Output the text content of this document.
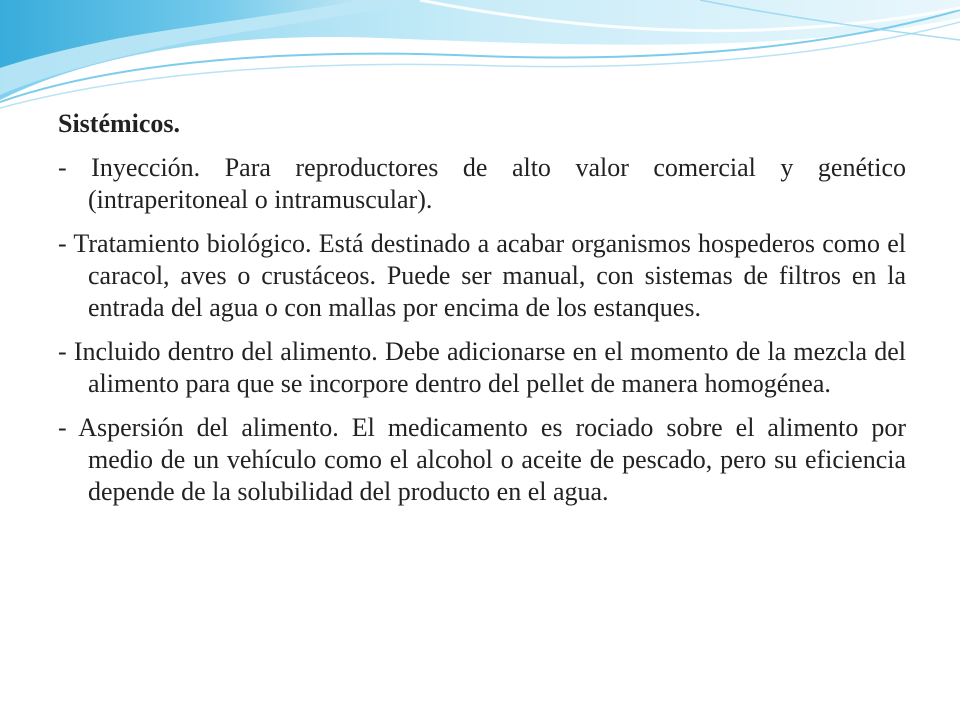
Sistémicos.

- Inyección. Para reproductores de alto valor comercial y genético (intraperitoneal o intramuscular).

- Tratamiento biológico. Está destinado a acabar organismos hospederos como el caracol, aves o crustáceos. Puede ser manual, con sistemas de filtros en la entrada del agua o con mallas por encima de los estanques.

- Incluido dentro del alimento. Debe adicionarse en el momento de la mezcla del alimento para que se incorpore dentro del pellet de manera homogénea.

- Aspersión del alimento. El medicamento es rociado sobre el alimento por medio de un vehículo como el alcohol o aceite de pescado, pero su eficiencia depende de la solubilidad del producto en el agua.
